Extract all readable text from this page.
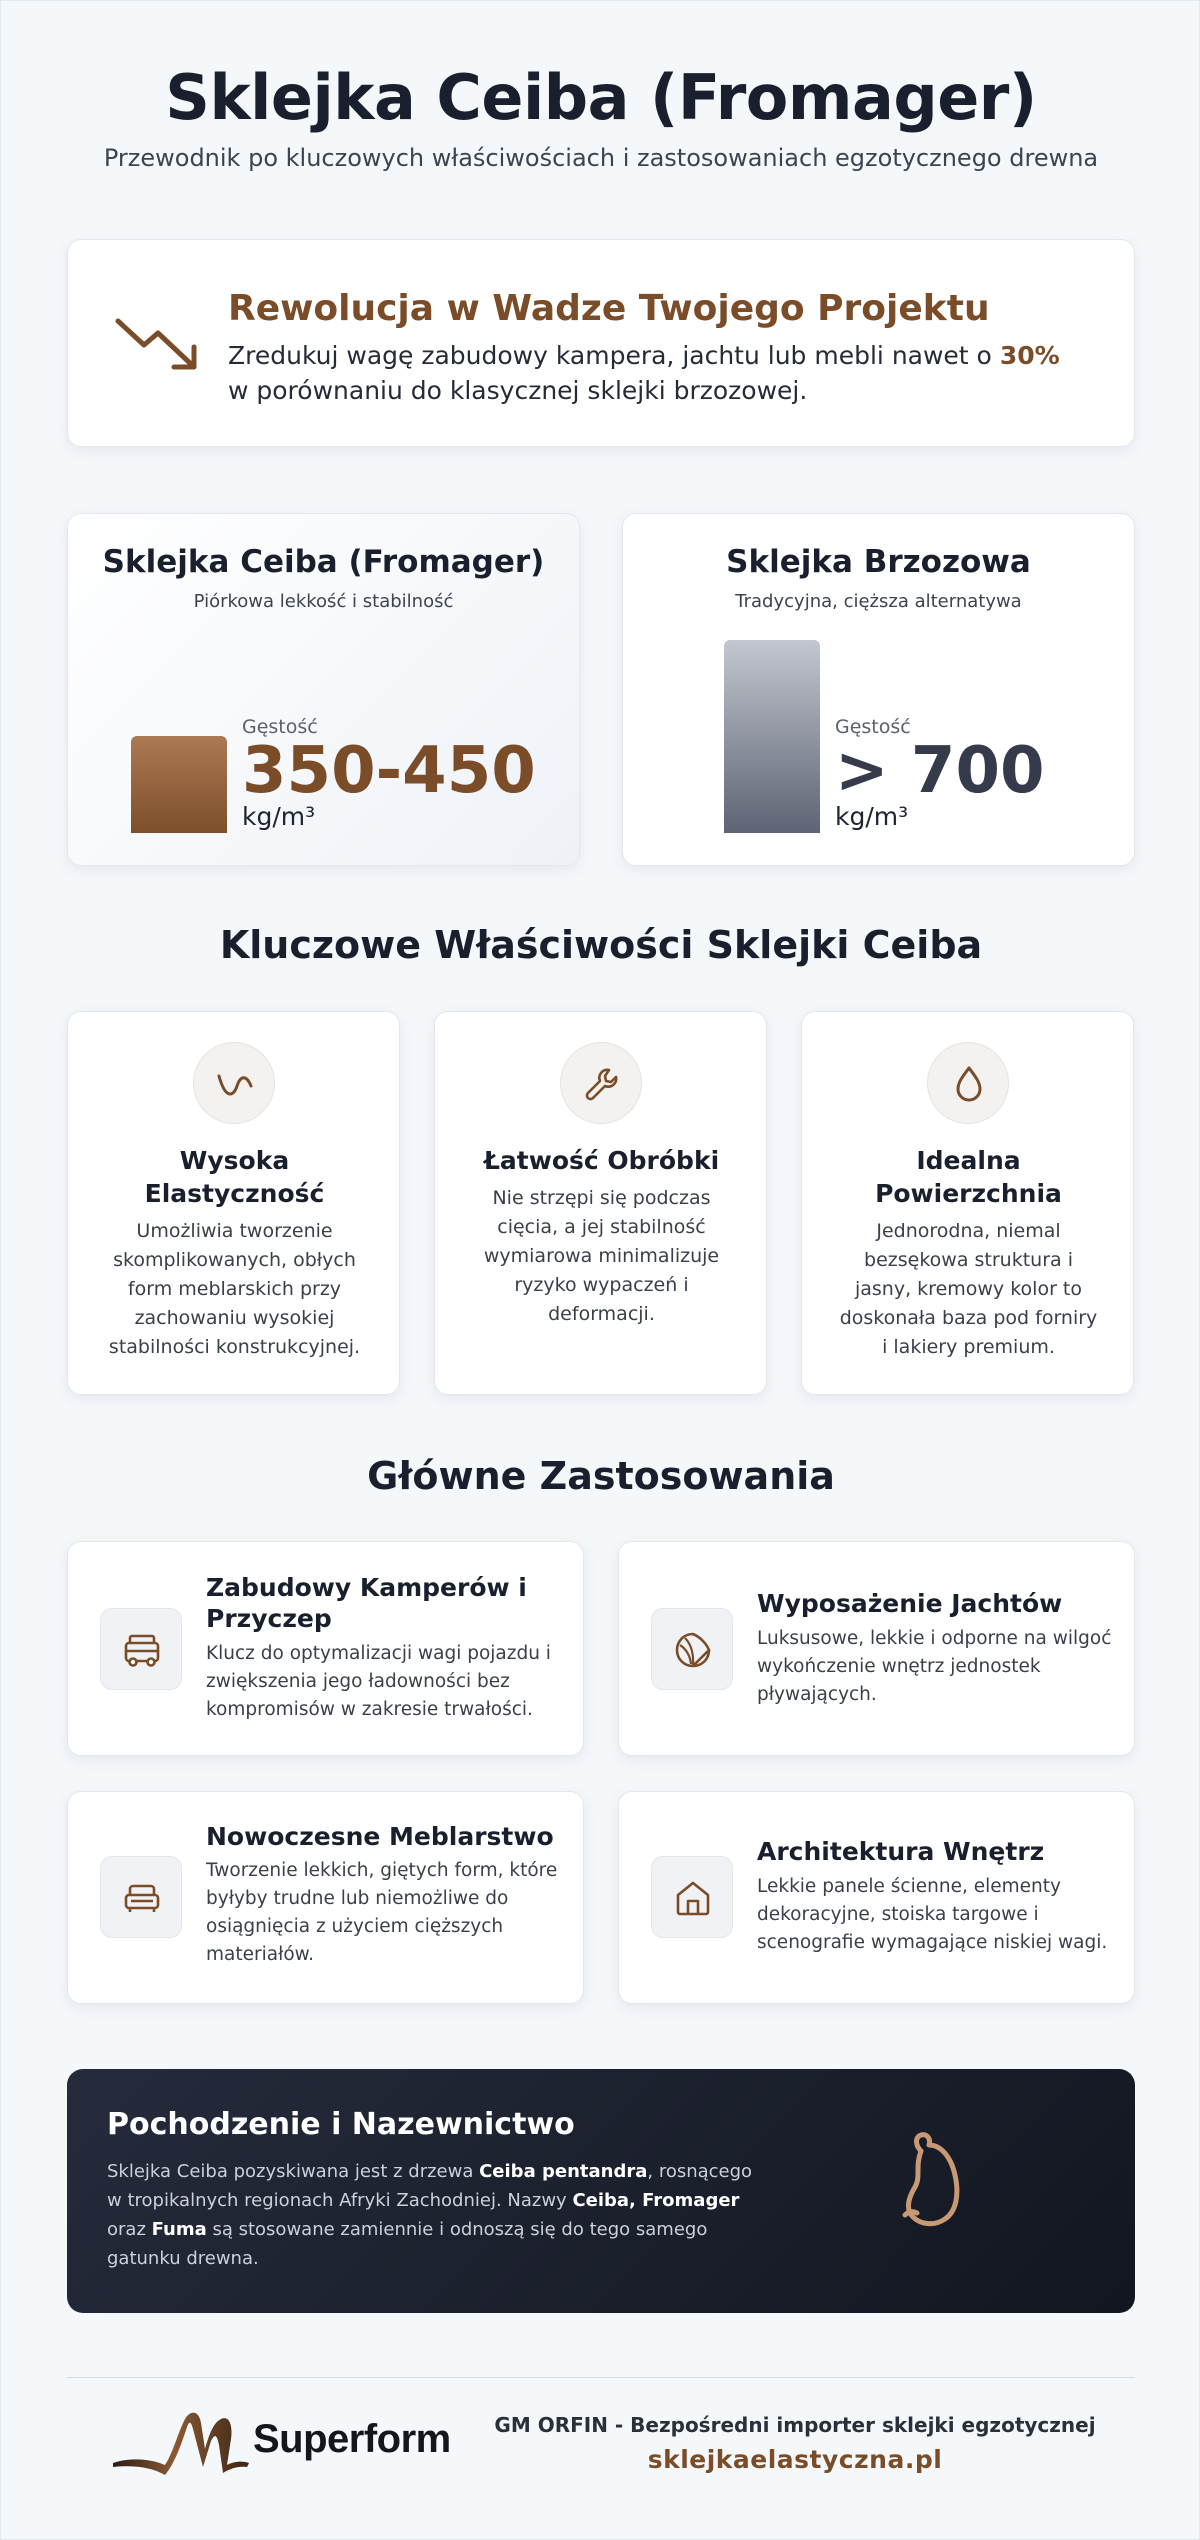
Sklejka Ceiba (Fromager)

Przewodnik po kluczowych właściwościach i zastosowaniach egzotycznego drewna

Rewolucja w Wadze Twojego Projektu

Zredukuj wagę zabudowy kampera, jachtu lub mebli nawet o 30% w porównaniu do klasycznej sklejki brzozowej.

Sklejka Ceiba (Fromager)
Piórkowa lekkość i stabilność
Gęstość
350-450
kg/m³
Sklejka Brzozowa
Tradycyjna, cięższa alternatywa
Gęstość
> 700
kg/m³
Kluczowe Właściwości Sklejki Ceiba
Wysoka Elastyczność

Umożliwia tworzenie skomplikowanych, obłych form meblarskich przy zachowaniu wysokiej stabilności konstrukcyjnej.

Łatwość Obróbki

Nie strzępi się podczas cięcia, a jej stabilność wymiarowa minimalizuje ryzyko wypaczeń i deformacji.

Idealna Powierzchnia

Jednorodna, niemal bezsękowa struktura i jasny, kremowy kolor to doskonała baza pod forniry i lakiery premium.

Główne Zastosowania
Zabudowy Kamperów i Przyczep

Klucz do optymalizacji wagi pojazdu i zwiększenia jego ładowności bez kompromisów w zakresie trwałości.

Wyposażenie Jachtów

Luksusowe, lekkie i odporne na wilgoć wykończenie wnętrz jednostek pływających.

Nowoczesne Meblarstwo

Tworzenie lekkich, giętych form, które byłyby trudne lub niemożliwe do osiągnięcia z użyciem cięższych materiałów.

Architektura Wnętrz

Lekkie panele ścienne, elementy dekoracyjne, stoiska targowe i scenografie wymagające niskiej wagi.

Pochodzenie i Nazewnictwo

Sklejka Ceiba pozyskiwana jest z drzewa Ceiba pentandra, rosnącego w tropikalnych regionach Afryki Zachodniej. Nazwy Ceiba, Fromager oraz Fuma są stosowane zamiennie i odnoszą się do tego samego gatunku drewna.

Superform	GM ORFIN - Bezpośredni importer sklejki egzotycznej
sklejkaelastyczna.pl
